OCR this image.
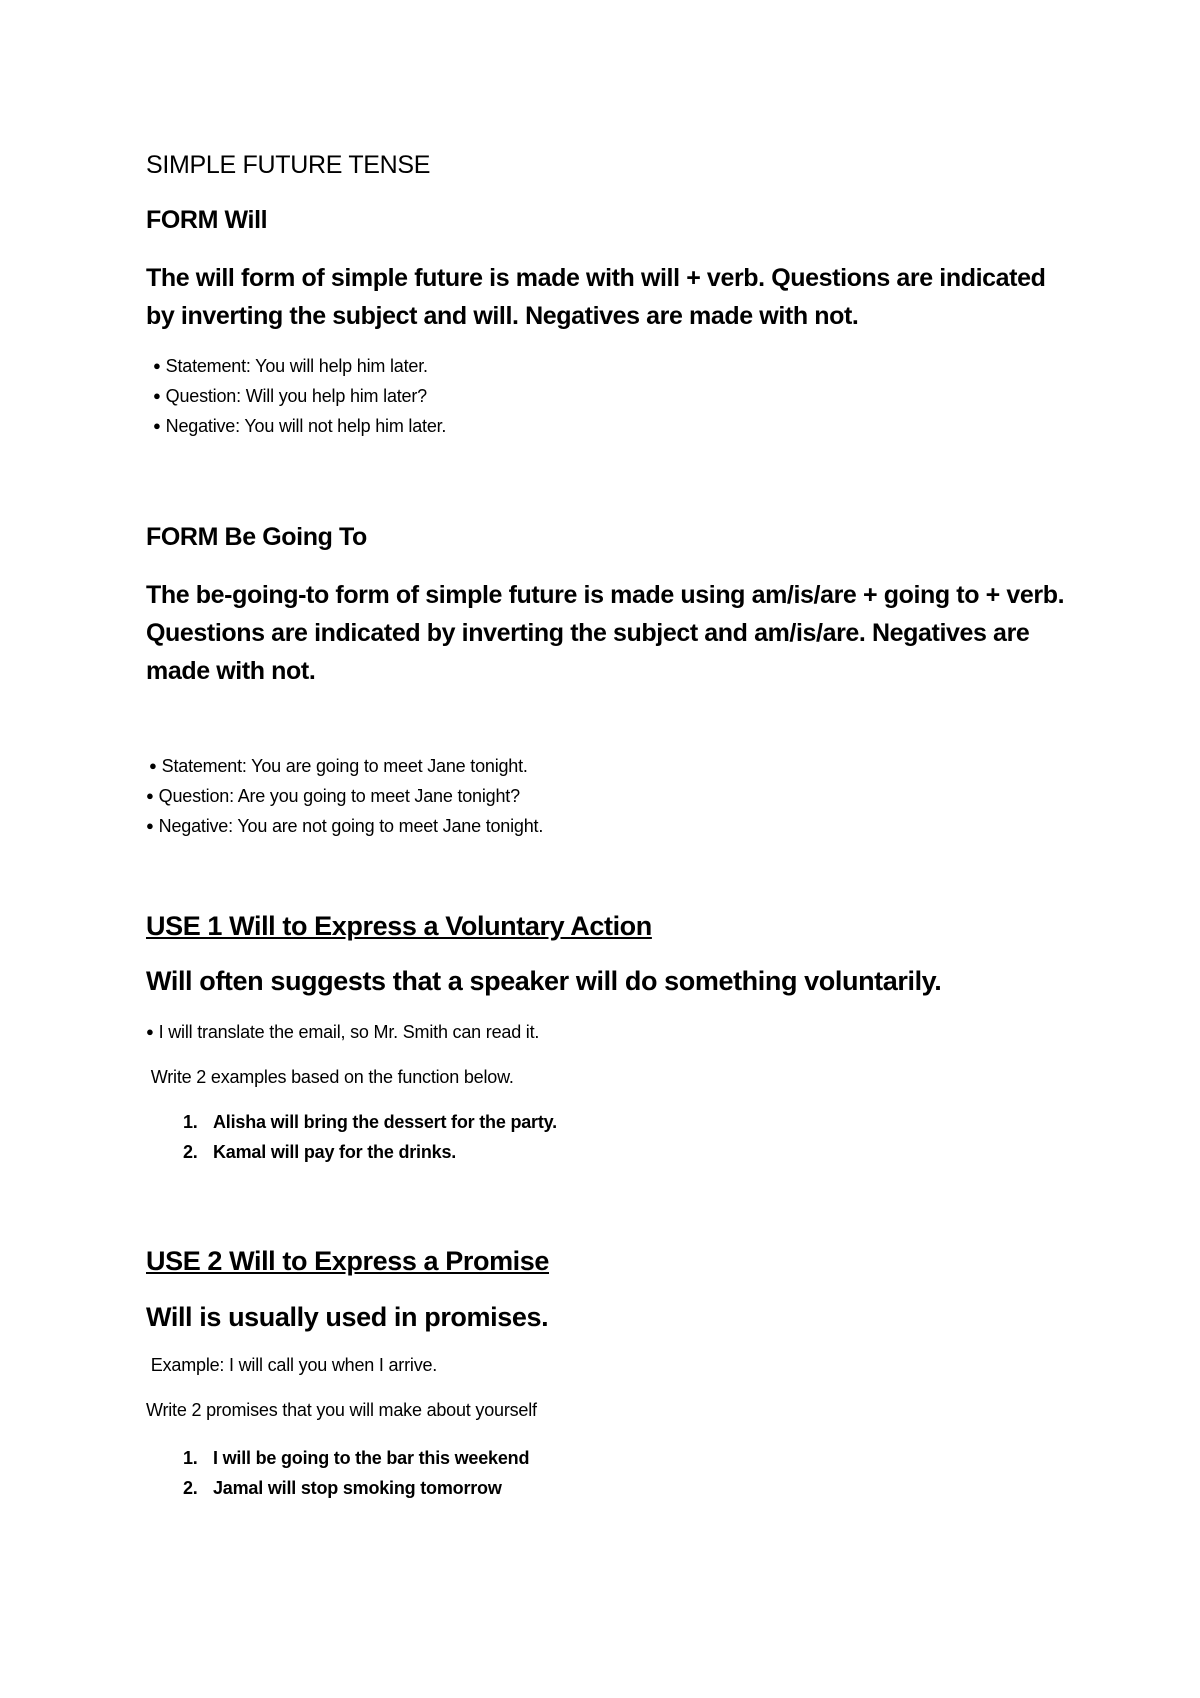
SIMPLE FUTURE TENSE

FORM Will

The will form of simple future is made with will + verb. Questions are indicated by inverting the subject and will. Negatives are made with not.

● Statement: You will help him later.
● Question: Will you help him later?
● Negative: You will not help him later.

FORM Be Going To

The be-going-to form of simple future is made using am/is/are + going to + verb. Questions are indicated by inverting the subject and am/is/are. Negatives are made with not.

● Statement: You are going to meet Jane tonight.
● Question: Are you going to meet Jane tonight?
● Negative: You are not going to meet Jane tonight.

USE 1 Will to Express a Voluntary Action

Will often suggests that a speaker will do something voluntarily.

● I will translate the email, so Mr. Smith can read it.

Write 2 examples based on the function below.

1. Alisha will bring the dessert for the party.
2. Kamal will pay for the drinks.

USE 2 Will to Express a Promise

Will is usually used in promises.

Example: I will call you when I arrive.

Write 2 promises that you will make about yourself

1. I will be going to the bar this weekend
2. Jamal will stop smoking tomorrow
